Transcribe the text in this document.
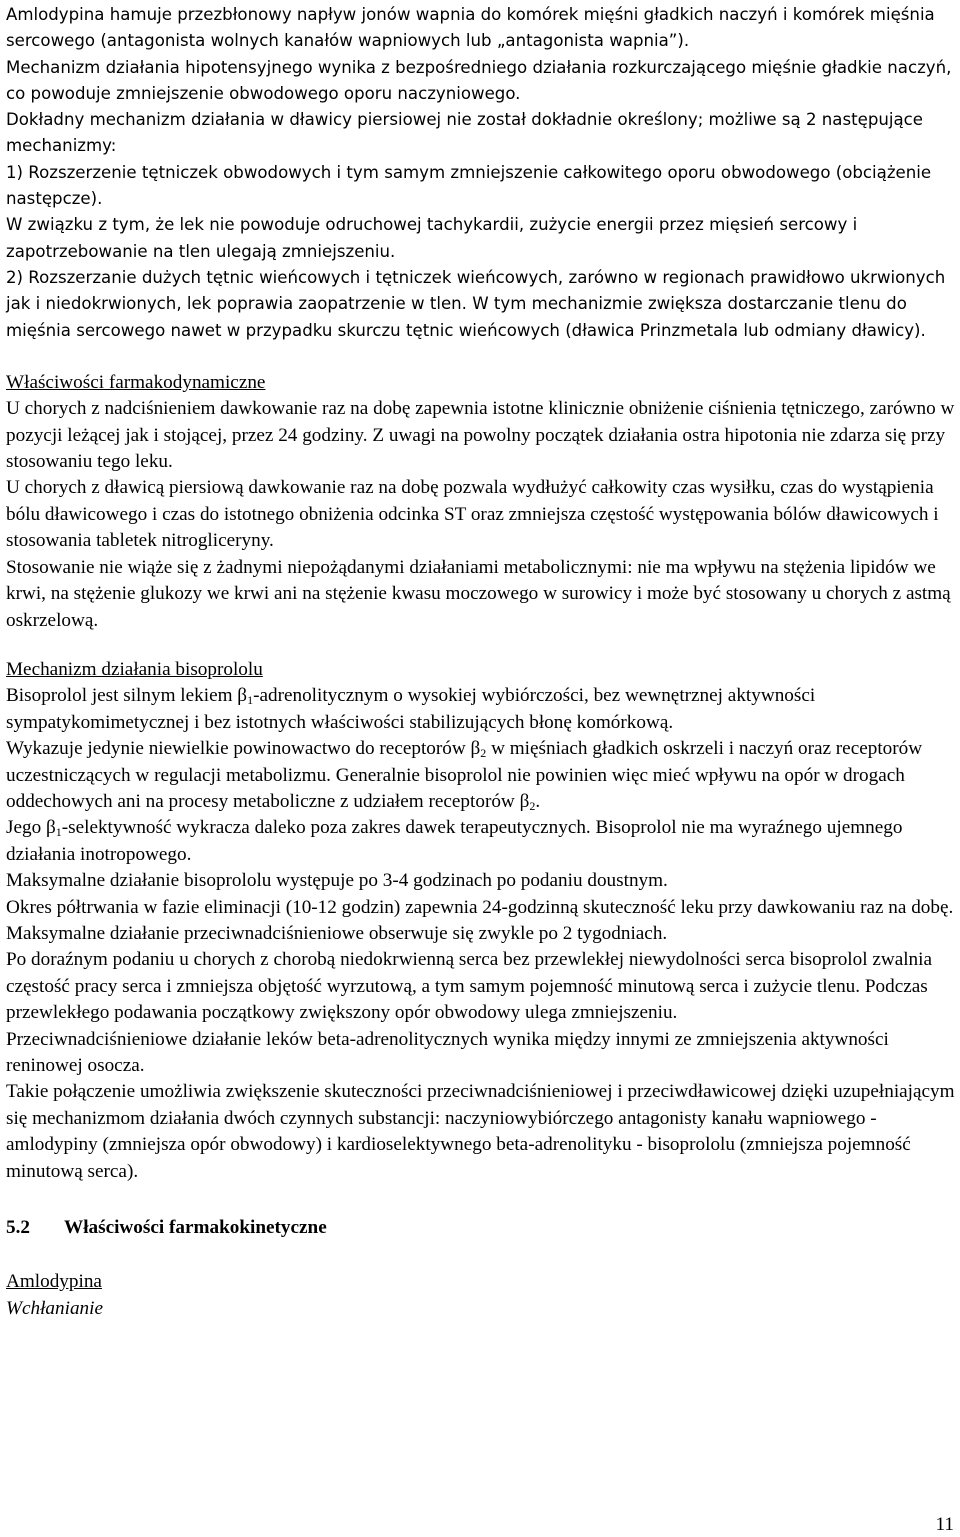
Amlodypina hamuje przezbłonowy napływ jonów wapnia do komórek mięśni gładkich naczyń i komórek mięśnia sercowego (antagonista wolnych kanałów wapniowych lub „antagonista wapnia”).

Mechanizm działania hipotensyjnego wynika z bezpośredniego działania rozkurczającego mięśnie gładkie naczyń, co powoduje zmniejszenie obwodowego oporu naczyniowego.

Dokładny mechanizm działania w dławicy piersiowej nie został dokładnie określony; możliwe są 2 następujące mechanizmy:

1) Rozszerzenie tętniczek obwodowych i tym samym zmniejszenie całkowitego oporu obwodowego (obciążenie następcze).

W związku z tym, że lek nie powoduje odruchowej tachykardii, zużycie energii przez mięsień sercowy i zapotrzebowanie na tlen ulegają zmniejszeniu.

2) Rozszerzanie dużych tętnic wieńcowych i tętniczek wieńcowych, zarówno w regionach prawidłowo ukrwionych jak i niedokrwionych, lek poprawia zaopatrzenie w tlen. W tym mechanizmie zwiększa dostarczanie tlenu do mięśnia sercowego nawet w przypadku skurczu tętnic wieńcowych (dławica Prinzmetala lub odmiany dławicy).

Właściwości farmakodynamiczne

U chorych z nadciśnieniem dawkowanie raz na dobę zapewnia istotne klinicznie obniżenie ciśnienia tętniczego, zarówno w pozycji leżącej jak i stojącej, przez 24 godziny. Z uwagi na powolny początek działania ostra hipotonia nie zdarza się przy stosowaniu tego leku.

U chorych z dławicą piersiową dawkowanie raz na dobę pozwala wydłużyć całkowity czas wysiłku, czas do wystąpienia bólu dławicowego i czas do istotnego obniżenia odcinka ST oraz zmniejsza częstość występowania bólów dławicowych i stosowania tabletek nitrogliceryny.

Stosowanie nie wiąże się z żadnymi niepożądanymi działaniami metabolicznymi: nie ma wpływu na stężenia lipidów we krwi, na stężenie glukozy we krwi ani na stężenie kwasu moczowego w surowicy i może być stosowany u chorych z astmą oskrzelową.

Mechanizm działania bisoprololu

Bisoprolol jest silnym lekiem $\beta_1$-adrenolitycznym o wysokiej wybiórczości, bez wewnętrznej aktywności sympatykomimetycznej i bez istotnych właściwości stabilizujących błonę komórkową.

Wykazuje jedynie niewielkie powinowactwo do receptorów $\beta_2$ w mięśniach gładkich oskrzeli i naczyń oraz receptorów uczestniczących w regulacji metabolizmu. Generalnie bisoprolol nie powinien więc mieć wpływu na opór w drogach oddechowych ani na procesy metaboliczne z udziałem receptorów $\beta_2$.

Jego $\beta_1$-selektywność wykracza daleko poza zakres dawek terapeutycznych. Bisoprolol nie ma wyraźnego ujemnego działania inotropowego.

Maksymalne działanie bisoprololu występuje po 3-4 godzinach po podaniu doustnym.

Okres półtrwania w fazie eliminacji (10-12 godzin) zapewnia 24-godzinną skuteczność leku przy dawkowaniu raz na dobę.

Maksymalne działanie przeciwnadciśnieniowe obserwuje się zwykle po 2 tygodniach.

Po doraźnym podaniu u chorych z chorobą niedokrwienną serca bez przewlekłej niewydolności serca bisoprolol zwalnia częstość pracy serca i zmniejsza objętość wyrzutową, a tym samym pojemność minutową serca i zużycie tlenu. Podczas przewlekłego podawania początkowy zwiększony opór obwodowy ulega zmniejszeniu.

Przeciwnadciśnieniowe działanie leków beta-adrenolitycznych wynika między innymi ze zmniejszenia aktywności reninowej osocza.

Takie połączenie umożliwia zwiększenie skuteczności przeciwnadciśnieniowej i przeciwdławicowej dzięki uzupełniającym się mechanizmom działania dwóch czynnych substancji: naczyniowybiórczego antagonisty kanału wapniowego - amlodypiny (zmniejsza opór obwodowy) i kardioselektywnego beta-adrenolityku - bisoprololu (zmniejsza pojemność minutową serca).

5.2 Właściwości farmakokinetyczne

Amlodypina

Wchłanianie

11
